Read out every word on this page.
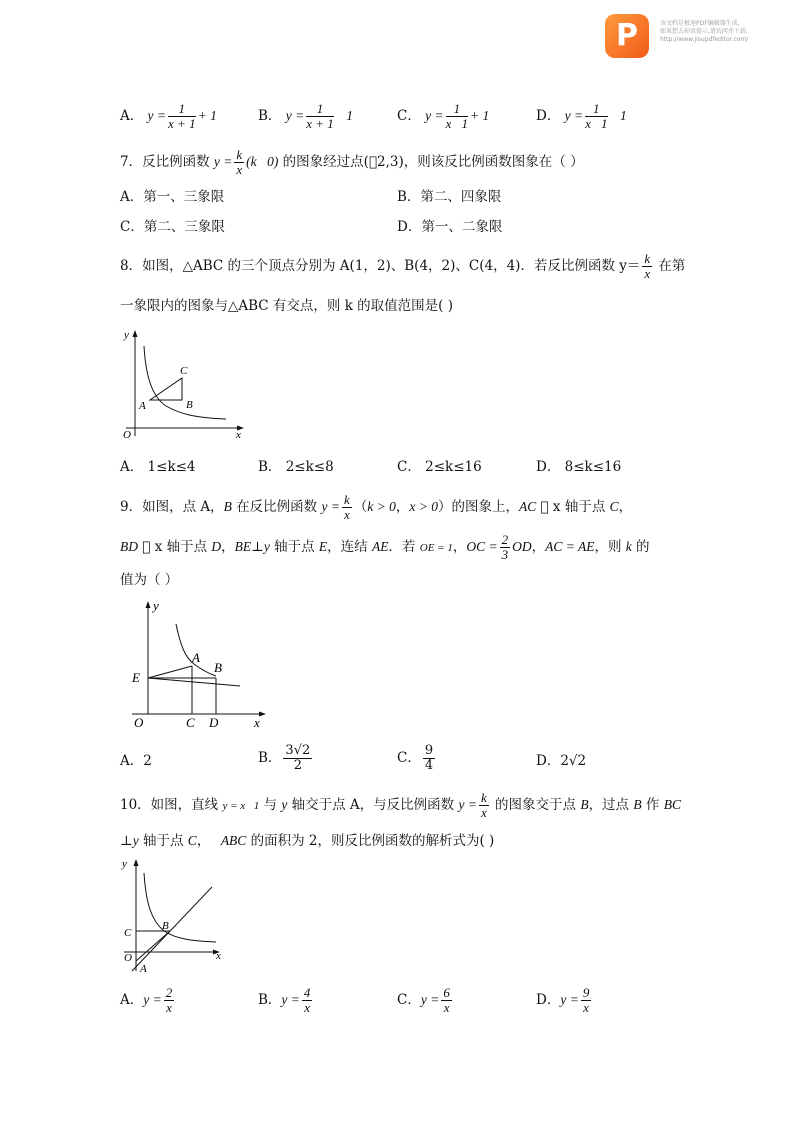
P	该文档是极速PDF编辑器生成,
如果想去掉该提示,请访问并下载:
http://www.jisupdfeditor.com/
A． $y = \frac{1}{x + 1} + 1$	B． $y = \frac{1}{x + 1}$ 􀀀1	C． $y = \frac{1}{x􀀀1} + 1$	D． $y = \frac{1}{x􀀀1}$ 􀀀1
7．反比例函数 $y = \frac{k}{x}$ (k􀀀0) 的图象经过点(􀀀2,3)，则该反比例函数图象在（ ）
A．第一、三象限	B．第二、四象限
C．第二、三象限	D．第一、二象限
8．如图，△ABC 的三个顶点分别为 A(1，2)、B(4，2)、C(4，4)．若反比例函数 $y= \frac{k}{x}$ 在第
一象限内的图象与△ABC 有交点，则 k 的取值范围是( )
y
x
O
A	B
C
A． 1≤k≤4	B． 2≤k≤8	C． 2≤k≤16	D． 8≤k≤16
9．如图，点 A，B 在反比例函数 $y = \frac{k}{x} (k > 0$，x > 0）的图象上，AC 􀀀 x 轴于点 C，
BD 􀀀 x 轴于点 D，BE⊥y 轴于点 E，连结 AE．若 OE = 1，OC = $\frac{2}{3}$ OD，AC = AE，则 k 的
值为（ ）
y
x
O
E
A
B
C D
A．2	B． $\frac{3√2}{2}$	C． $\frac{9}{4}$	D．2√2
10．如图，直线 y = x􀀀1 与 y 轴交于点 A，与反比例函数 $y = \frac{k}{x}$ 的图象交于点 B，过点 B 作 BC
⊥y 轴于点 C，􀀀ABC 的面积为 2，则反比例函数的解析式为( )
y
x
O
A
B
C
A．$y = \frac{2}{x}$	B．$y = \frac{4}{x}$	C．$y = \frac{6}{x}$	D．$y = \frac{9}{x}$
